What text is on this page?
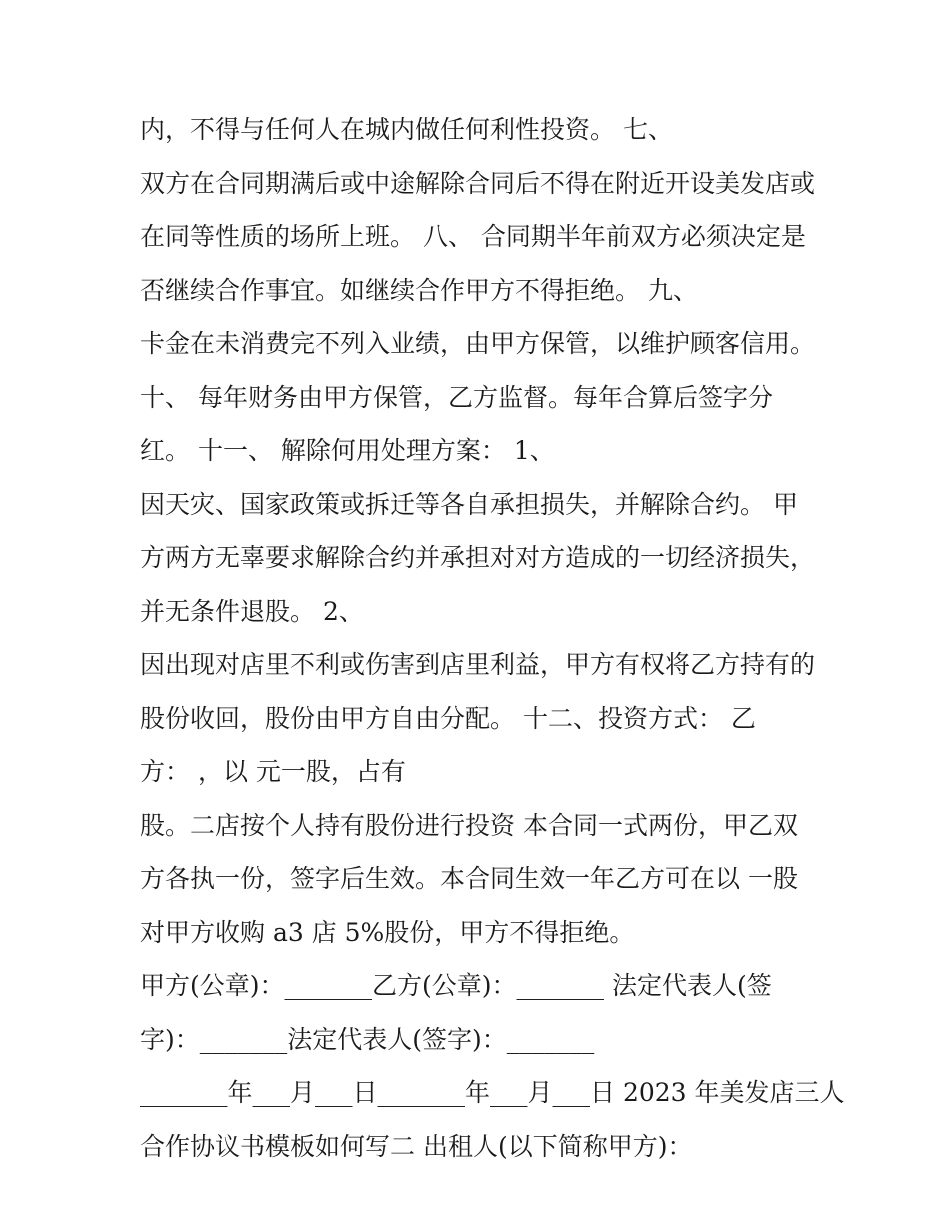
内，不得与任何人在城内做任何利性投资。 七、
双方在合同期满后或中途解除合同后不得在附近开设美发店或
在同等性质的场所上班。 八、 合同期半年前双方必须决定是
否继续合作事宜。如继续合作甲方不得拒绝。 九、
卡金在未消费完不列入业绩，由甲方保管，以维护顾客信用。
十、 每年财务由甲方保管，乙方监督。每年合算后签字分
红。 十一、 解除何用处理方案： 1、
因天灾、国家政策或拆迁等各自承担损失，并解除合约。 甲
方两方无辜要求解除合约并承担对对方造成的一切经济损失，
并无条件退股。 2、
因出现对店里不利或伤害到店里利益，甲方有权将乙方持有的
股份收回，股份由甲方自由分配。 十二、投资方式： 乙
方： ，以 元一股，占有
股。二店按个人持有股份进行投资 本合同一式两份，甲乙双
方各执一份，签字后生效。本合同生效一年乙方可在以 一股
对甲方收购 a3 店 5%股份，甲方不得拒绝。
甲方(公章)：_______乙方(公章)：_______ 法定代表人(签
字)：_______法定代表人(签字)：_______
_______年___月___日_______年___月___日 2023 年美发店三人
合作协议书模板如何写二 出租人(以下简称甲方)：
